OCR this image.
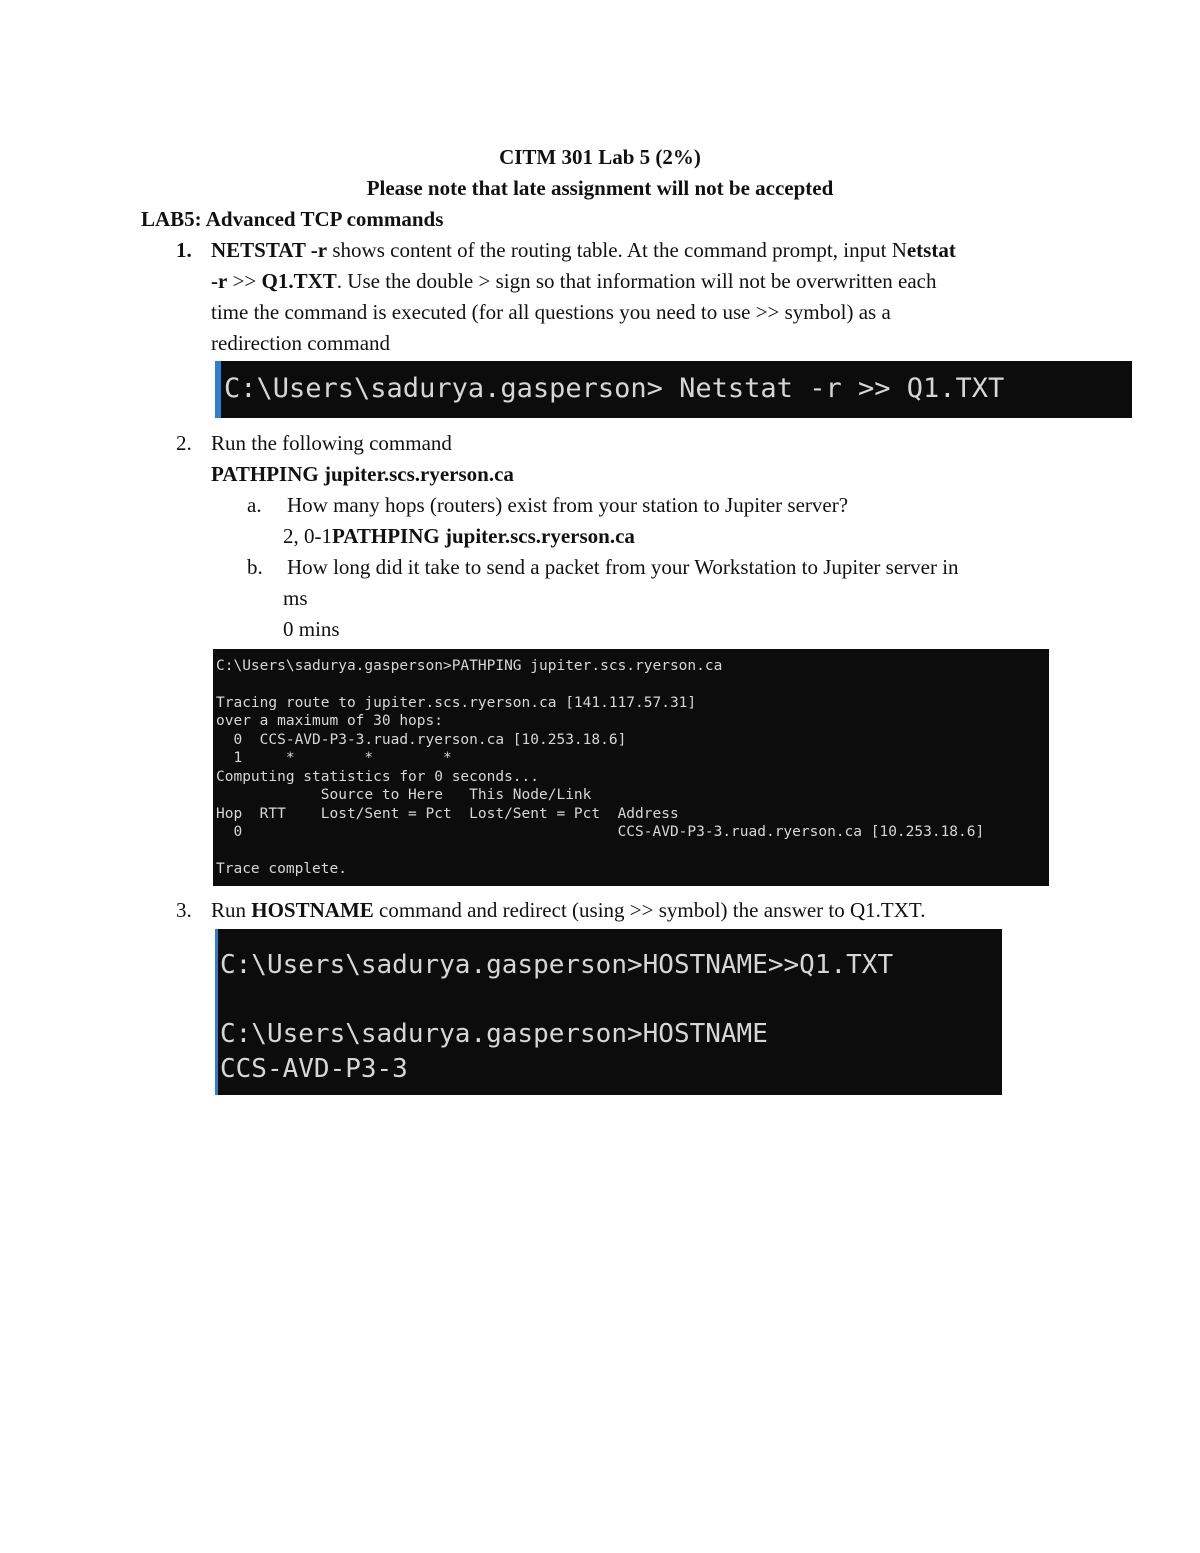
CITM 301 Lab 5 (2%)
Please note that late assignment will not be accepted
LAB5: Advanced TCP commands
1. NETSTAT -r shows content of the routing table. At the command prompt, input Netstat
-r >> Q1.TXT. Use the double > sign so that information will not be overwritten each
time the command is executed (for all questions you need to use >> symbol) as a
redirection command
C:\Users\sadurya.gasperson> Netstat -r >> Q1.TXT
2. Run the following command
PATHPING jupiter.scs.ryerson.ca
a. How many hops (routers) exist from your station to Jupiter server?
2, 0-1PATHPING jupiter.scs.ryerson.ca
b. How long did it take to send a packet from your Workstation to Jupiter server in
ms
0 mins
C:\Users\sadurya.gasperson>PATHPING jupiter.scs.ryerson.ca
Tracing route to jupiter.scs.ryerson.ca [141.117.57.31]
over a maximum of 30 hops:
0  CCS-AVD-P3-3.ruad.ryerson.ca [10.253.18.6]
1     *        *        *
Computing statistics for 0 seconds...
Source to Here   This Node/Link
Hop  RTT    Lost/Sent = Pct  Lost/Sent = Pct  Address
0                                           CCS-AVD-P3-3.ruad.ryerson.ca [10.253.18.6]
Trace complete.
3. Run HOSTNAME command and redirect (using >> symbol) the answer to Q1.TXT.
C:\Users\sadurya.gasperson>HOSTNAME>>Q1.TXT
C:\Users\sadurya.gasperson>HOSTNAME
CCS-AVD-P3-3
